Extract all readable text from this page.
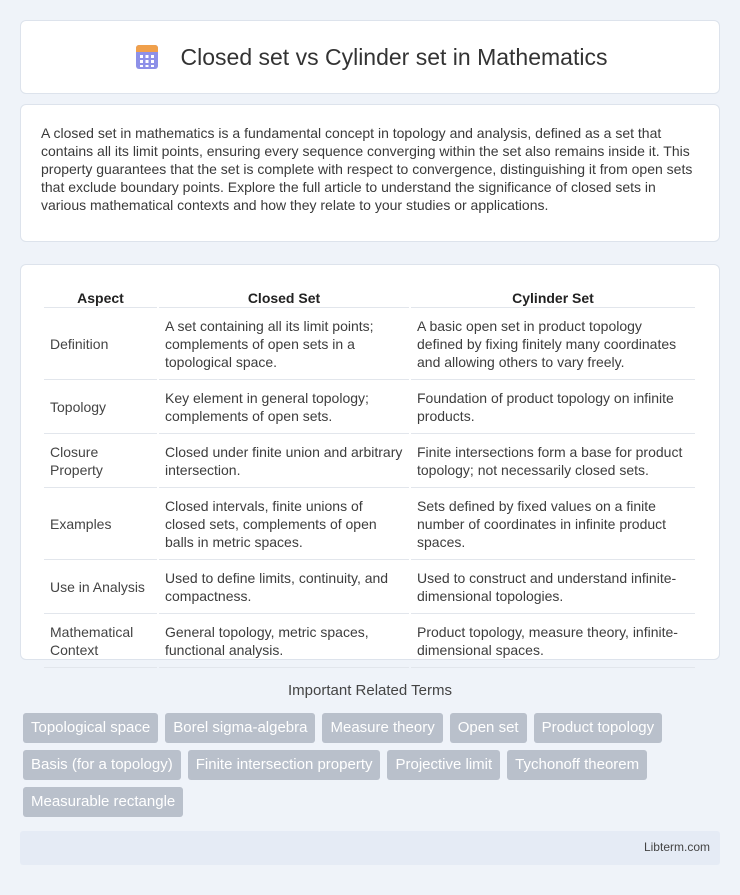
Closed set vs Cylinder set in Mathematics

A closed set in mathematics is a fundamental concept in topology and analysis, defined as a set that contains all its limit points, ensuring every sequence converging within the set also remains inside it. This property guarantees that the set is complete with respect to convergence, distinguishing it from open sets that exclude boundary points. Explore the full article to understand the significance of closed sets in various mathematical contexts and how they relate to your studies or applications.

Aspect	Closed Set	Cylinder Set
Definition	A set containing all its limit points; complements of open sets in a topological space.	A basic open set in product topology defined by fixing finitely many coordinates and allowing others to vary freely.
Topology	Key element in general topology; complements of open sets.	Foundation of product topology on infinite products.
Closure Property	Closed under finite union and arbitrary intersection.	Finite intersections form a base for product topology; not necessarily closed sets.
Examples	Closed intervals, finite unions of closed sets, complements of open balls in metric spaces.	Sets defined by fixed values on a finite number of coordinates in infinite product spaces.
Use in Analysis	Used to define limits, continuity, and compactness.	Used to construct and understand infinite-dimensional topologies.
Mathematical Context	General topology, metric spaces, functional analysis.	Product topology, measure theory, infinite-dimensional spaces.
Important Related Terms
Topological space	Borel sigma-algebra	Measure theory	Open set	Product topology
Basis (for a topology)	Finite intersection property	Projective limit	Tychonoff theorem
Measurable rectangle
Libterm.com
